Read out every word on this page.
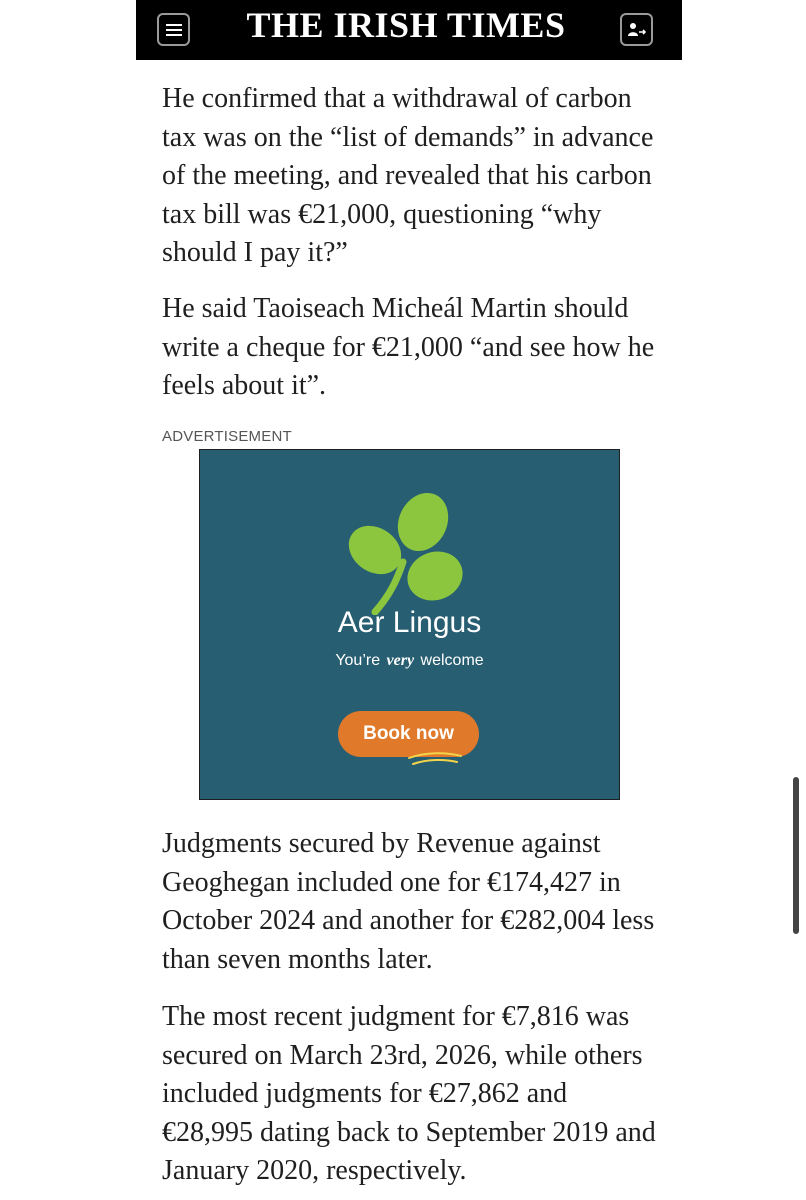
THE IRISH TIMES

He confirmed that a withdrawal of carbon tax was on the “list of demands” in advance of the meeting, and revealed that his carbon tax bill was €21,000, questioning “why should I pay it?”

He said Taoiseach Micheál Martin should write a cheque for €21,000 “and see how he feels about it”.

ADVERTISEMENT
Aer Lingus
You’re very welcome
Book now

Judgments secured by Revenue against Geoghegan included one for €174,427 in October 2024 and another for €282,004 less than seven months later.

The most recent judgment for €7,816 was secured on March 23rd, 2026, while others included judgments for €27,862 and €28,995 dating back to September 2019 and January 2020, respectively.
